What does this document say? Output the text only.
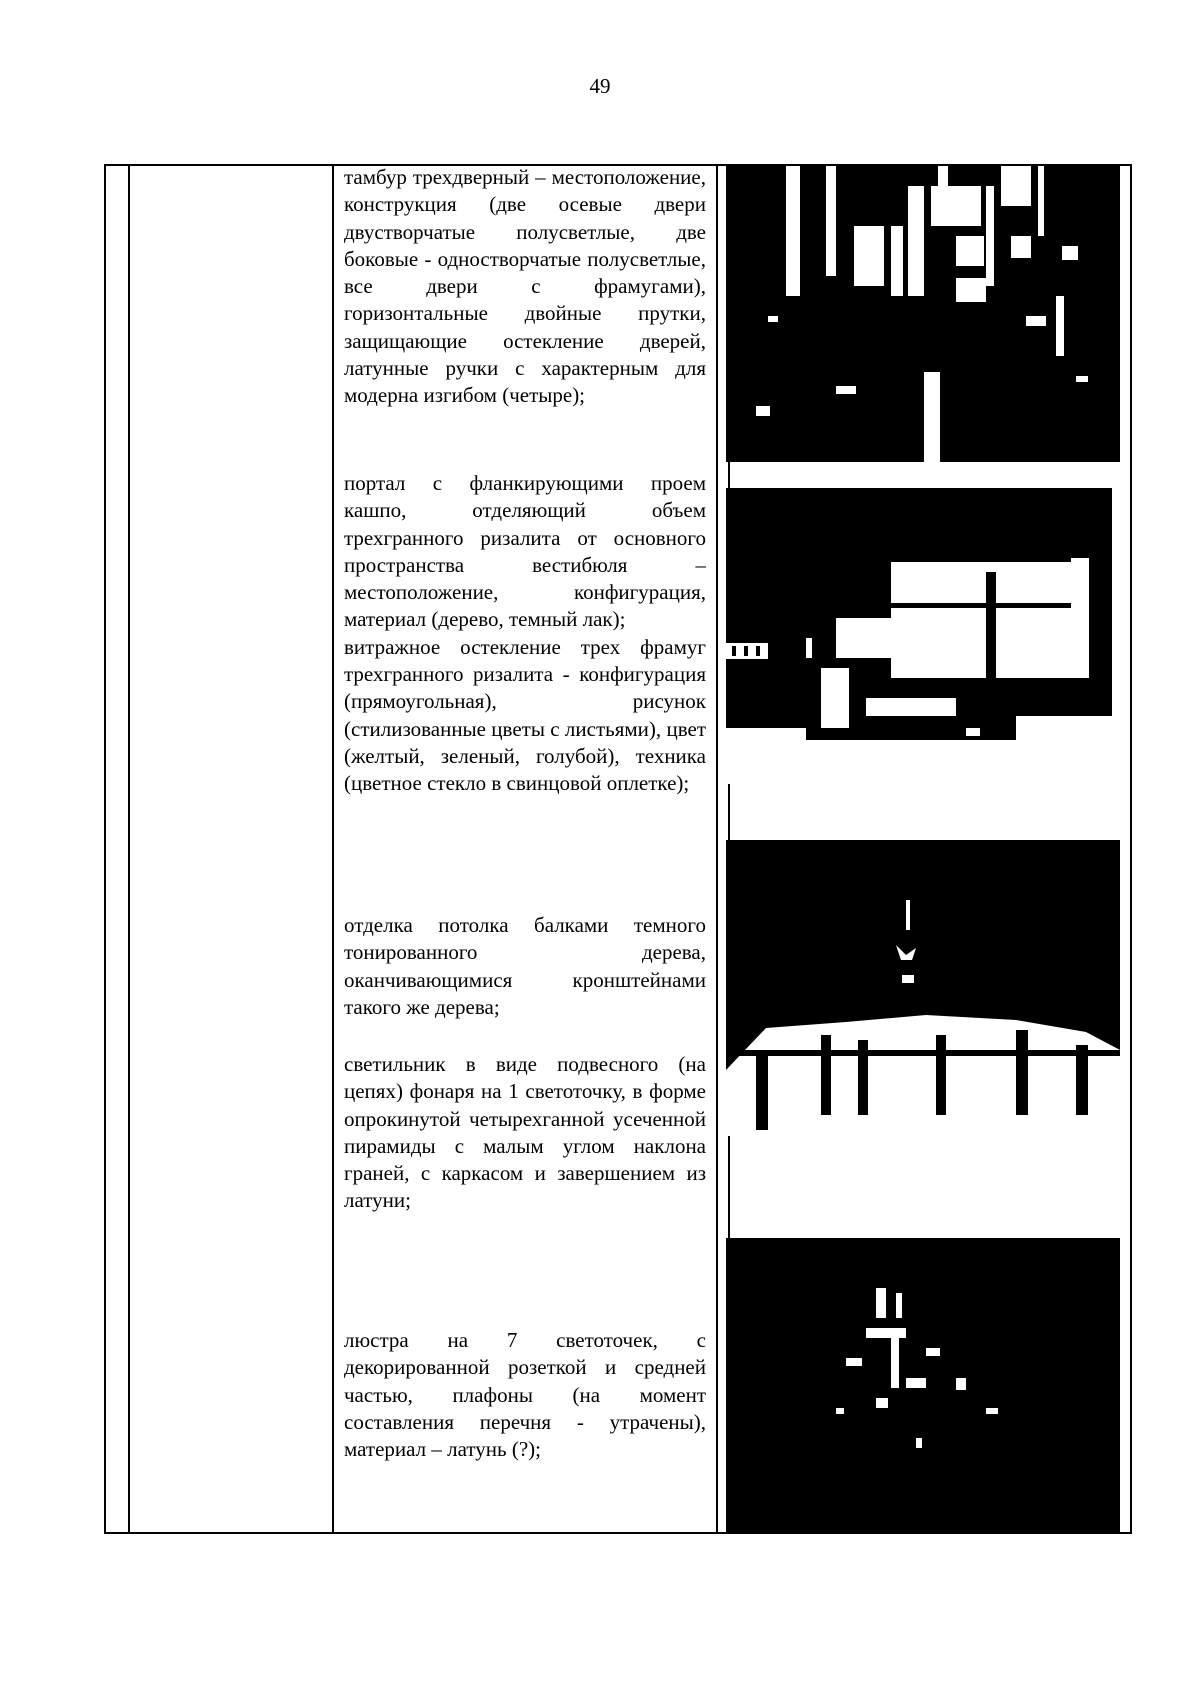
49

тамбур трехдверный – местоположение, конструкция (две осевые двери двустворчатые полусветлые, две боковые - одностворчатые полусветлые, все двери с фрамугами), горизонтальные двойные прутки, защищающие остекление дверей, латунные ручки с характерным для модерна изгибом (четыре);

портал с фланкирующими проем кашпо, отделяющий объем трехгранного ризалита от основного пространства вестибюля – местоположение, конфигурация, материал (дерево, темный лак);

витражное остекление трех фрамуг трехгранного ризалита - конфигурация (прямоугольная), рисунок (стилизованные цветы с листьями), цвет (желтый, зеленый, голубой), техника (цветное стекло в свинцовой оплетке);

отделка потолка балками темного тонированного дерева, оканчивающимися кронштейнами такого же дерева;

светильник в виде подвесного (на цепях) фонаря на 1 светоточку, в форме опрокинутой четырехганной усеченной пирамиды с малым углом наклона граней, с каркасом и завершением из латуни;

люстра на 7 светоточек, с декорированной розеткой и средней частью, плафоны (на момент составления перечня - утрачены), материал – латунь (?);
